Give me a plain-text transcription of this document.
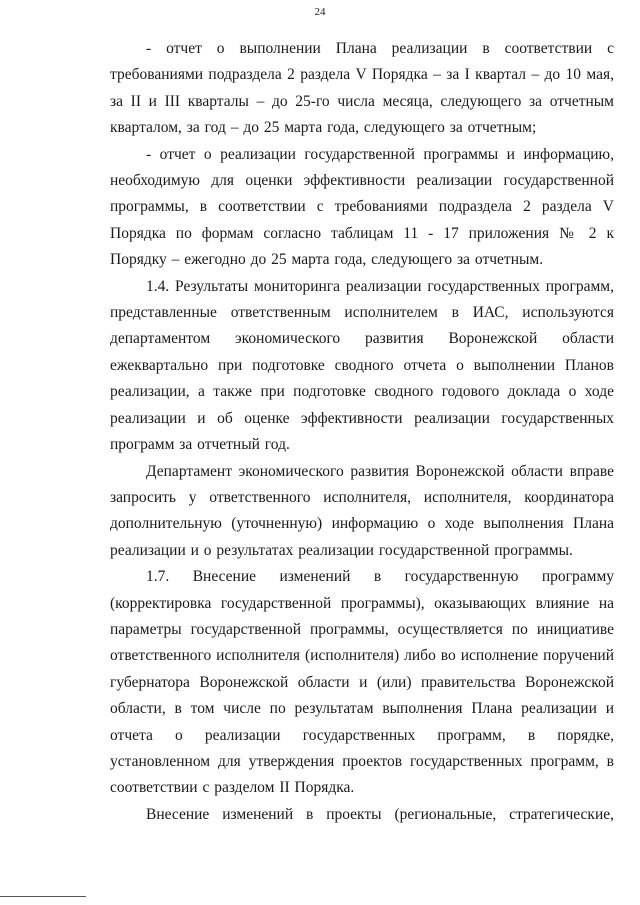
24

- отчет о выполнении Плана реализации в соответствии с требованиями подраздела 2 раздела V Порядка – за I квартал – до 10 мая, за II и III кварталы – до 25-го числа месяца, следующего за отчетным кварталом, за год – до 25 марта года, следующего за отчетным;

- отчет о реализации государственной программы и информацию, необходимую для оценки эффективности реализации государственной программы, в соответствии с требованиями подраздела 2 раздела V Порядка по формам согласно таблицам 11 - 17 приложения № 2 к Порядку – ежегодно до 25 марта года, следующего за отчетным.

1.4. Результаты мониторинга реализации государственных программ, представленные ответственным исполнителем в ИАС, используются департаментом экономического развития Воронежской области ежеквартально при подготовке сводного отчета о выполнении Планов реализации, а также при подготовке сводного годового доклада о ходе реализации и об оценке эффективности реализации государственных программ за отчетный год.

Департамент экономического развития Воронежской области вправе запросить у ответственного исполнителя, исполнителя, координатора дополнительную (уточненную) информацию о ходе выполнения Плана реализации и о результатах реализации государственной программы.

1.7. Внесение изменений в государственную программу (корректировка государственной программы), оказывающих влияние на параметры государственной программы, осуществляется по инициативе ответственного исполнителя (исполнителя) либо во исполнение поручений губернатора Воронежской области и (или) правительства Воронежской области, в том числе по результатам выполнения Плана реализации и отчета о реализации государственных программ, в порядке, установленном для утверждения проектов государственных программ, в соответствии с разделом II Порядка.

Внесение изменений в проекты (региональные, стратегические,
